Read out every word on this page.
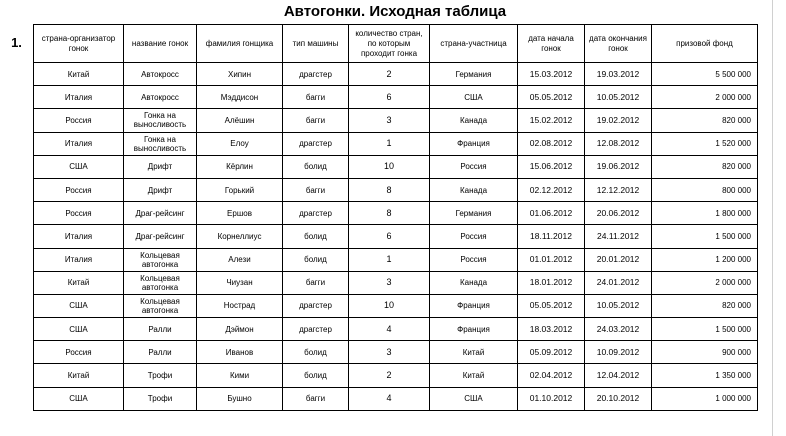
Автогонки. Исходная таблица
1.	страна-организатор гонок	название гонок	фамилия гонщика	тип машины	количество стран, по которым проходит гонка	страна-участница	дата начала гонок	дата окончания гонок	призовой фонд
Китай	Автокросс	Хипин	драгстер	2	Германия	15.03.2012	19.03.2012	5 500 000
Италия	Автокросс	Мэддисон	багги	6	США	05.05.2012	10.05.2012	2 000 000
Россия	Гонка на выносливость	Алёшин	багги	3	Канада	15.02.2012	19.02.2012	820 000
Италия	Гонка на выносливость	Елоу	драгстер	1	Франция	02.08.2012	12.08.2012	1 520 000
США	Дрифт	Кёрлин	болид	10	Россия	15.06.2012	19.06.2012	820 000
Россия	Дрифт	Горький	багги	8	Канада	02.12.2012	12.12.2012	800 000
Россия	Драг-рейсинг	Ершов	драгстер	8	Германия	01.06.2012	20.06.2012	1 800 000
Италия	Драг-рейсинг	Корнеллиус	болид	6	Россия	18.11.2012	24.11.2012	1 500 000
Италия	Кольцевая автогонка	Алези	болид	1	Россия	01.01.2012	20.01.2012	1 200 000
Китай	Кольцевая автогонка	Чиузан	багги	3	Канада	18.01.2012	24.01.2012	2 000 000
США	Кольцевая автогонка	Нострад	драгстер	10	Франция	05.05.2012	10.05.2012	820 000
США	Ралли	Дэймон	драгстер	4	Франция	18.03.2012	24.03.2012	1 500 000
Россия	Ралли	Иванов	болид	3	Китай	05.09.2012	10.09.2012	900 000
Китай	Трофи	Кими	болид	2	Китай	02.04.2012	12.04.2012	1 350 000
США	Трофи	Бушно	багги	4	США	01.10.2012	20.10.2012	1 000 000
